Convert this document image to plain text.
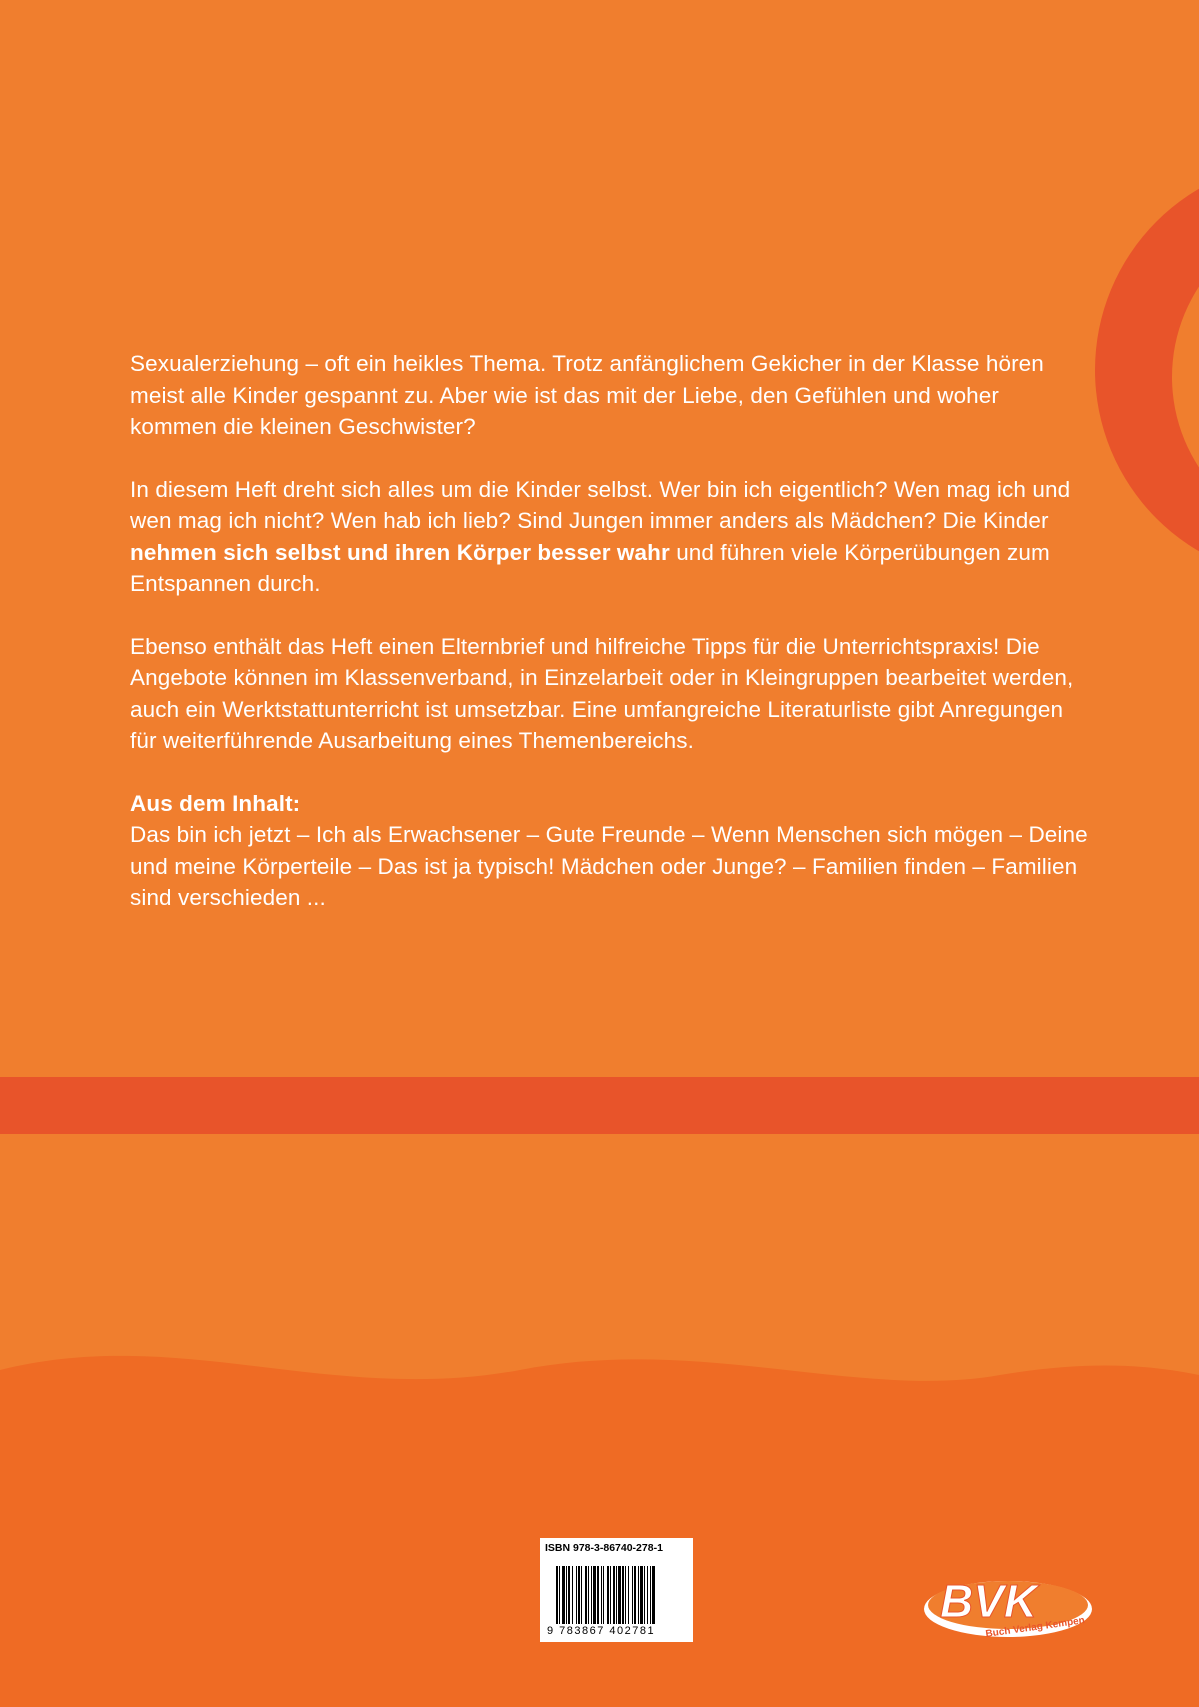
Sexualerziehung – oft ein heikles Thema. Trotz anfänglichem Gekicher in der Klasse hören meist alle Kinder gespannt zu. Aber wie ist das mit der Liebe, den Gefühlen und woher kommen die kleinen Geschwister?

In diesem Heft dreht sich alles um die Kinder selbst. Wer bin ich eigentlich? Wen mag ich und wen mag ich nicht? Wen hab ich lieb? Sind Jungen immer anders als Mädchen? Die Kinder nehmen sich selbst und ihren Körper besser wahr und führen viele Körperübungen zum Entspannen durch.

Ebenso enthält das Heft einen Elternbrief und hilfreiche Tipps für die Unterrichtspraxis! Die Angebote können im Klassenverband, in Einzelarbeit oder in Kleingruppen bearbeitet werden, auch ein Werktstattunterricht ist umsetzbar. Eine umfangreiche Literaturliste gibt Anregungen für weiterführende Ausarbeitung eines Themenbereichs.

Aus dem Inhalt:

Das bin ich jetzt – Ich als Erwachsener – Gute Freunde – Wenn Menschen sich mögen – Deine und meine Körperteile – Das ist ja typisch! Mädchen oder Junge? – Familien finden – Familien sind verschieden ...

ISBN 978-3-86740-278-1
9 783867 402781
BVK
Buch Verlag Kempen
